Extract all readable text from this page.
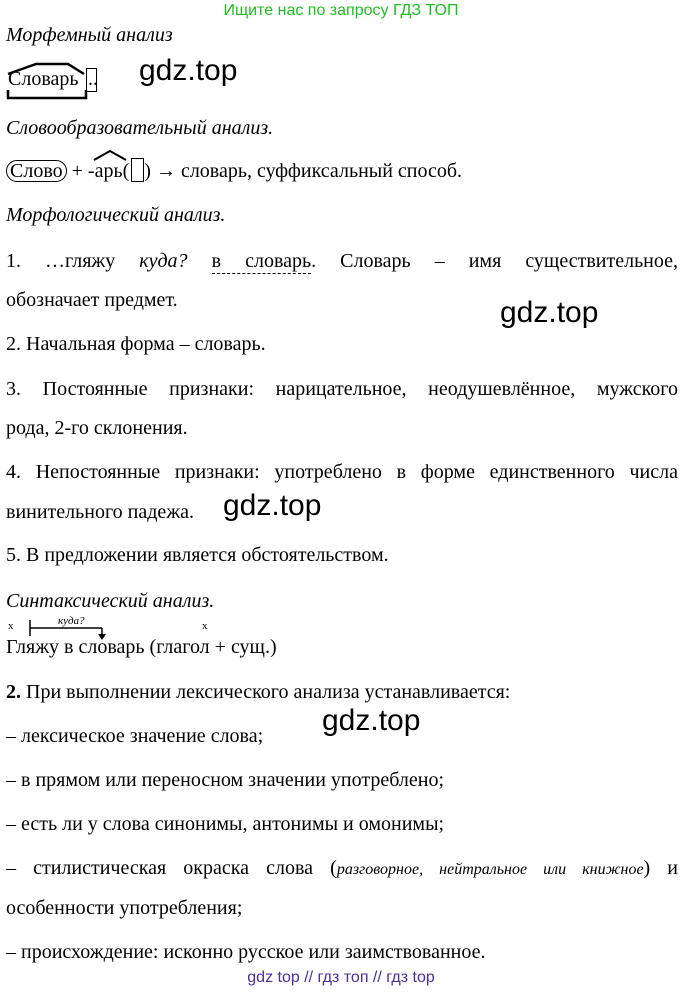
Ищите нас по запросу ГДЗ ТОП
Морфемный анализ
Словарь .. gdz.top
Словообразовательный анализ.
Слово + -
арь( ) → словарь, суффиксальный способ.
Морфологический анализ.
1. …гляжу куда? в словарь. Словарь – имя существительное,
обозначает предмет.	gdz.top
2. Начальная форма – словарь.
3. Постоянные признаки: нарицательное, неодушевлённое, мужского
рода, 2-го склонения.
4. Непостоянные признаки: употреблено в форме единственного числа
винительного падежа. gdz.top
5. В предложении является обстоятельством.
Синтаксический анализ.
x	куда?	x
Гляжу в словарь (глагол + сущ.)
2. При выполнении лексического анализа устанавливается:
gdz.top
– лексическое значение слова;
– в прямом или переносном значении употреблено;
– есть ли у слова синонимы, антонимы и омонимы;
– стилистическая окраска слова (разговорное, нейтральное или книжное) и
особенности употребления;
– происхождение: исконно русское или заимствованное.
gdz top // гдз топ // гдз top
